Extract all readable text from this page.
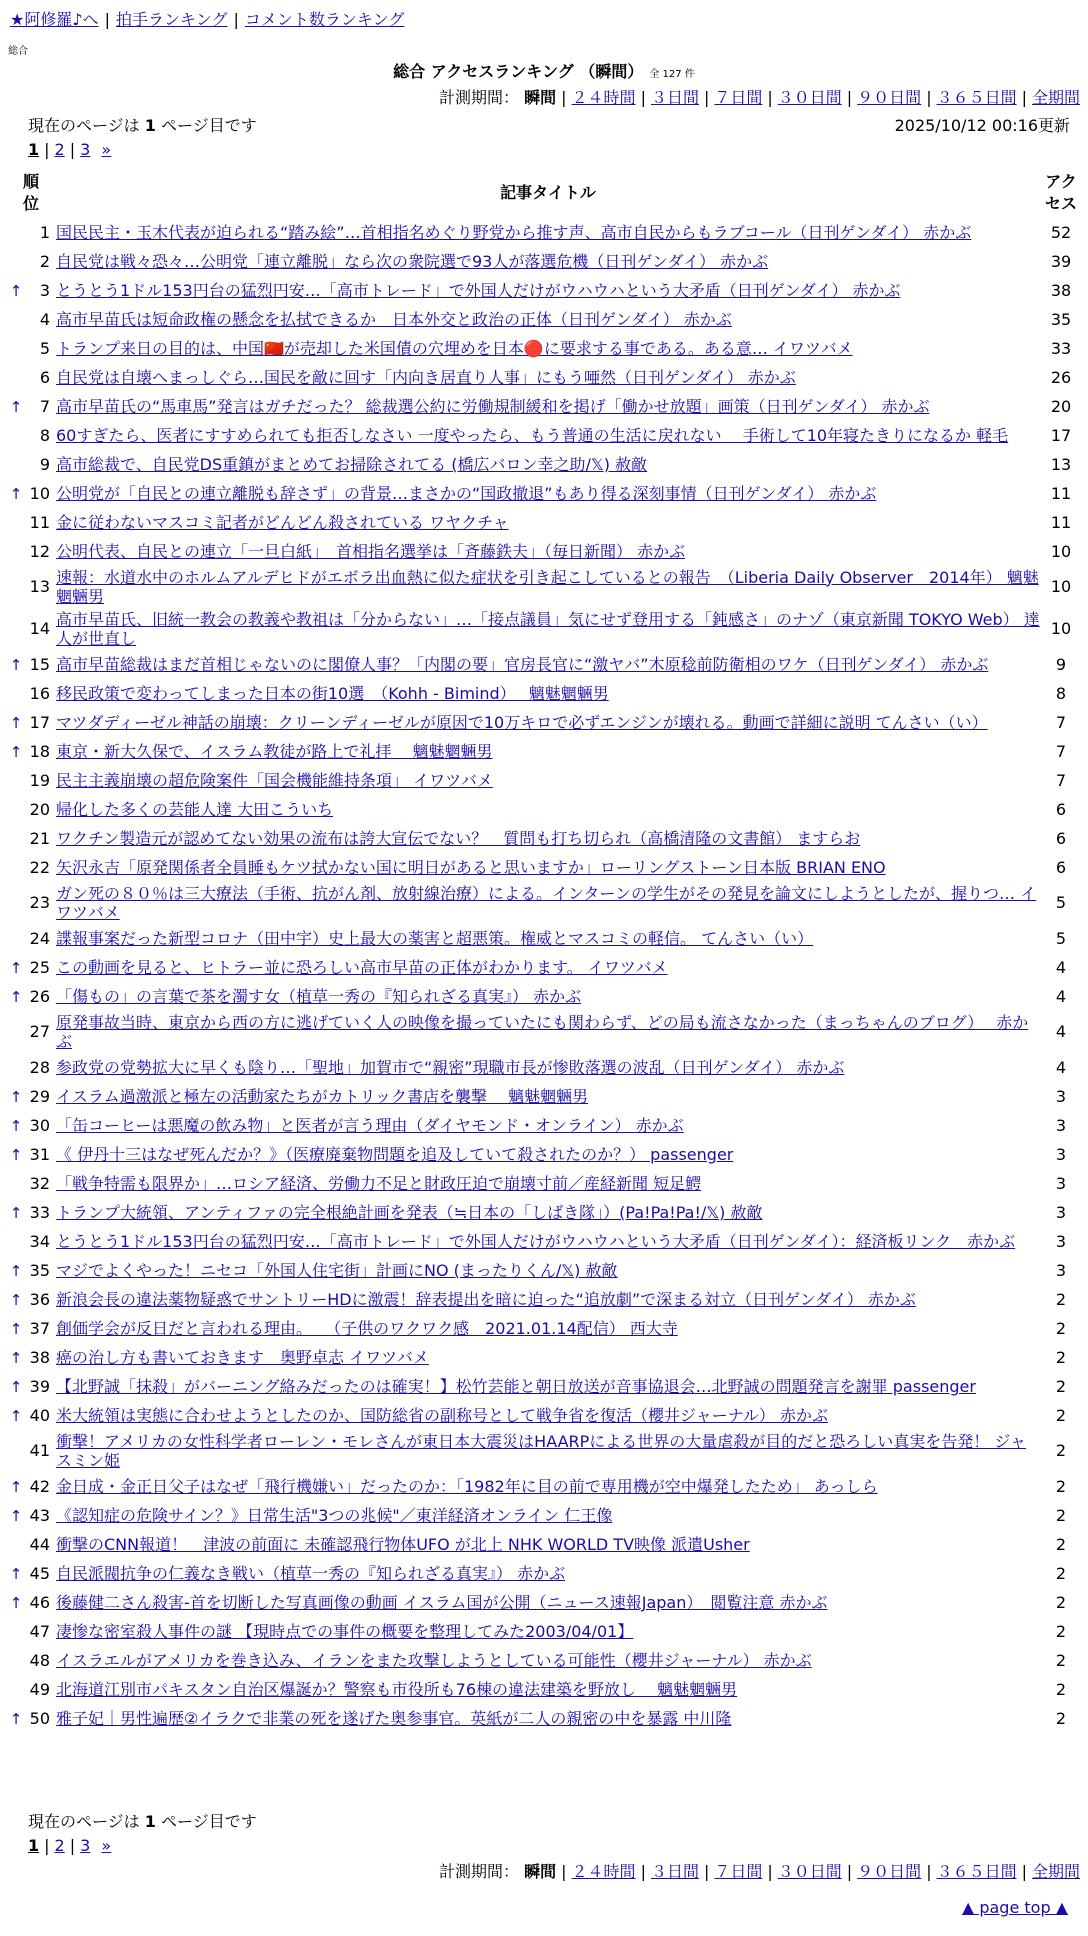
★阿修羅♪へ | 拍手ランキング | コメント数ランキング
総合
総合 アクセスランキング （瞬間） 全 127 件
計測期間： 瞬間 | ２４時間 | ３日間 | ７日間 | ３０日間 | ９０日間 | ３６５日間 | 全期間
現在のページは 1 ページ目です	2025/10/12 00:16更新
1 | 2 | 3 »
順位		記事タイトル	アクセス
	1	国民民主・玉木代表が迫られる“踏み絵”…首相指名めぐり野党から推す声、高市自民からもラブコール（日刊ゲンダイ） 赤かぶ	52
	2	自民党は戦々恐々…公明党「連立離脱」なら次の衆院選で93人が落選危機（日刊ゲンダイ） 赤かぶ	39
↑	3	とうとう1ドル153円台の猛烈円安…「高市トレード」で外国人だけがウハウハという大矛盾（日刊ゲンダイ） 赤かぶ	38
	4	高市早苗氏は短命政権の懸念を払拭できるか　日本外交と政治の正体（日刊ゲンダイ） 赤かぶ	35
	5	トランプ来日の目的は、中国🇨🇳が売却した米国債の穴埋めを日本🔴に要求する事である。ある意… イワツバメ	33
	6	自民党は自壊へまっしぐら…国民を敵に回す「内向き居直り人事」にもう唖然（日刊ゲンダイ） 赤かぶ	26
↑	7	高市早苗氏の“馬車馬”発言はガチだった？ 総裁選公約に労働規制緩和を掲げ「働かせ放題」画策（日刊ゲンダイ） 赤かぶ	20
	8	60すぎたら、医者にすすめられても拒否しなさい 一度やったら、もう普通の生活に戻れない　 手術して10年寝たきりになるか 軽毛	17
	9	高市総裁で、自民党DS重鎮がまとめてお掃除されてる (橋広バロン幸之助/𝕏) 赦敵	13
↑	10	公明党が「自民との連立離脱も辞さず」の背景…まさかの“国政撤退”もあり得る深刻事情（日刊ゲンダイ） 赤かぶ	11
	11	金に従わないマスコミ記者がどんどん殺されている ワヤクチャ	11
	12	公明代表、自民との連立「一旦白紙」　首相指名選挙は「斉藤鉄夫」（毎日新聞） 赤かぶ	10
	13	速報：水道水中のホルムアルデヒドがエボラ出血熱に似た症状を引き起こしているとの報告　（Liberia Daily Observer　2014年） 魑魅魍魎男	10
	14	高市早苗氏、旧統一教会の教義や教祖は「分からない」…「接点議員」気にせず登用する「鈍感さ」のナゾ（東京新聞 TOKYO Web） 達人が世直し	10
↑	15	高市早苗総裁はまだ首相じゃないのに閣僚人事？「内閣の要」官房長官に“激ヤバ”木原稔前防衛相のワケ（日刊ゲンダイ） 赤かぶ	9
	16	移民政策で変わってしまった日本の街10選　（Kohh - Bimind）　 魑魅魍魎男	8
↑	17	マツダディーゼル神話の崩壊：クリーンディーゼルが原因で10万キロで必ずエンジンが壊れる。動画で詳細に説明 てんさい（い）	7
↑	18	東京・新大久保で、イスラム教徒が路上で礼拝　 魑魅魍魎男	7
	19	民主主義崩壊の超危険案件「国会機能維持条項」 イワツバメ	7
	20	帰化した多くの芸能人達 大田こういち	6
	21	ワクチン製造元が認めてない効果の流布は誇大宣伝でない？　質問も打ち切られ（高橋清隆の文書館） ますらお	6
	22	矢沢永吉「原発関係者全員睡もケツ拭かない国に明日があると思いますか」ローリングストーン日本版 BRIAN ENO	6
	23	ガン死の８０％は三大療法（手術、抗がん剤、放射線治療）による。インターンの学生がその発見を論文にしようとしたが、握りつ… イワツバメ	5
	24	諜報事案だった新型コロナ（田中宇）史上最大の薬害と超悪策。権威とマスコミの軽信。 てんさい（い）	5
↑	25	この動画を見ると、ヒトラー並に恐ろしい高市早苗の正体がわかります。 イワツバメ	4
↑	26	「傷もの」の言葉で茶を濁す女（植草一秀の『知られざる真実』） 赤かぶ	4
	27	原発事故当時、東京から西の方に逃げていく人の映像を撮っていたにも関わらず、どの局も流さなかった（まっちゃんのブログ）　 赤かぶ	4
	28	参政党の党勢拡大に早くも陰り…「聖地」加賀市で“親密”現職市長が惨敗落選の波乱（日刊ゲンダイ） 赤かぶ	4
↑	29	イスラム過激派と極左の活動家たちがカトリック書店を襲撃　 魑魅魍魎男	3
↑	30	「缶コーヒーは悪魔の飲み物」と医者が言う理由（ダイヤモンド・オンライン） 赤かぶ	3
↑	31	《 伊丹十三はなぜ死んだか？》（医療廃棄物問題を追及していて殺されたのか？） passenger	3
	32	「戦争特需も限界か」…ロシア経済、労働力不足と財政圧迫で崩壊寸前／産経新聞 短足鰐	3
↑	33	トランプ大統領、アンティファの完全根絶計画を発表（≒日本の「しばき隊」）(Pa!Pa!Pa!/𝕏) 赦敵	3
	34	とうとう1ドル153円台の猛烈円安…「高市トレード」で外国人だけがウハウハという大矛盾（日刊ゲンダイ）：経済板リンク　赤かぶ	3
↑	35	マジでよくやった！ニセコ「外国人住宅街」計画にNO (まったりくん/𝕏) 赦敵	3
↑	36	新浪会長の違法薬物疑惑でサントリーHDに激震！辞表提出を暗に迫った“追放劇”で深まる対立（日刊ゲンダイ） 赤かぶ	2
↑	37	創価学会が反日だと言われる理由。　 （子供のワクワク感　2021.01.14配信） 西大寺	2
↑	38	癌の治し方も書いておきます　奥野卓志 イワツバメ	2
↑	39	【北野誠「抹殺」がバーニング絡みだったのは確実！】松竹芸能と朝日放送が音事協退会…北野誠の問題発言を謝罪 passenger	2
↑	40	米大統領は実態に合わせようとしたのか、国防総省の副称号として戦争省を復活（櫻井ジャーナル） 赤かぶ	2
	41	衝撃！アメリカの女性科学者ローレン・モレさんが東日本大震災はHAARPによる世界の大量虐殺が目的だと恐ろしい真実を告発！ ジャスミン姫	2
↑	42	金日成・金正日父子はなぜ「飛行機嫌い」だったのか：「1982年に目の前で専用機が空中爆発したため」 あっしら	2
↑	43	《認知症の危険サイン？》日常生活"3つの兆候"／東洋経済オンライン 仁王像	2
	44	衝撃のCNN報道！　津波の前面に 未確認飛行物体UFO が北上 NHK WORLD TV映像 派遣Usher	2
↑	45	自民派閥抗争の仁義なき戦い（植草一秀の『知られざる真実』） 赤かぶ	2
↑	46	後藤健二さん殺害-首を切断した写真画像の動画 イスラム国が公開（ニュース速報Japan）　閲覧注意 赤かぶ	2
	47	凄惨な密室殺人事件の謎 【現時点での事件の概要を整理してみた2003/04/01】	2
	48	イスラエルがアメリカを巻き込み、イランをまた攻撃しようとしている可能性（櫻井ジャーナル） 赤かぶ	2
	49	北海道江別市パキスタン自治区爆誕か？警察も市役所も76棟の違法建築を野放し　 魑魅魍魎男	2
↑	50	雅子妃｜男性遍歴②イラクで非業の死を遂げた奥参事官。英紙が二人の親密の中を暴露 中川隆	2
現在のページは 1 ページ目です
1 | 2 | 3 »
計測期間： 瞬間 | ２４時間 | ３日間 | ７日間 | ３０日間 | ９０日間 | ３６５日間 | 全期間
▲ page top ▲
